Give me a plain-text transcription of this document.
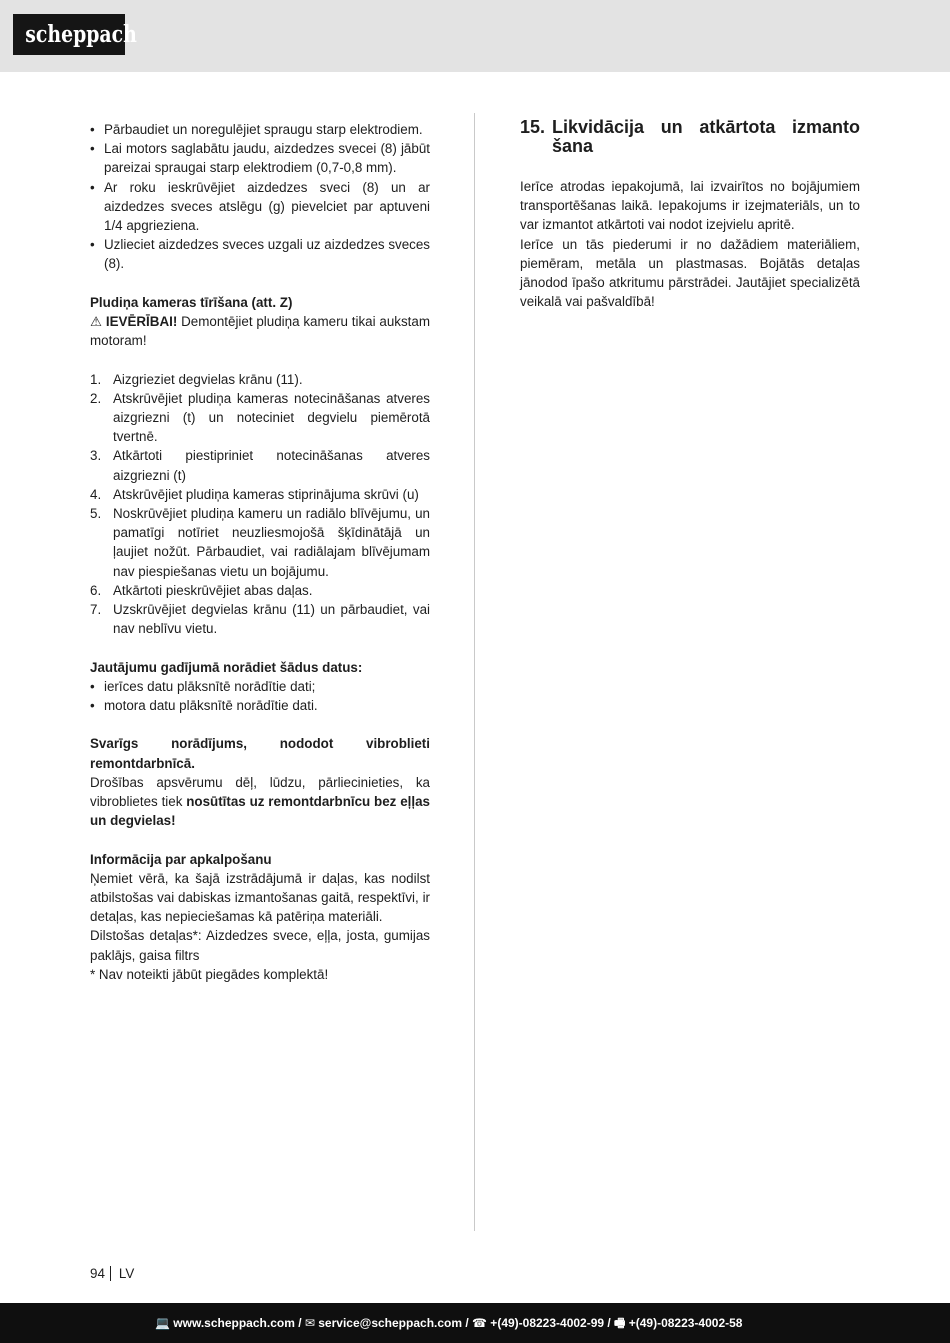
scheppach
• Pārbaudiet un noregulējiet spraugu starp elektrodiem.
• Lai motors saglabātu jaudu, aizdedzes svecei (8) jābūt pareizai spraugai starp elektrodiem (0,7-0,8 mm).
• Ar roku ieskrūvējiet aizdedzes sveci (8) un ar aizdedzes sveces atslēgu (g) pievelciet par aptuveni 1/4 apgrieziena.
• Uzlieciet aizdedzes sveces uzgali uz aizdedzes sveces (8).
Pludiņa kameras tīrīšana (att. Z)
⚠ IEVĒRĪBAI! Demontējiet pludiņa kameru tikai aukstam motoram!
1. Aizgrieziet degvielas krānu (11).
2. Atskrūvējiet pludiņa kameras notecināšanas atveres aizgriezni (t) un noteciniet degvielu piemērotā tvertnē.
3. Atkārtoti piestipriniet notecināšanas atveres aizgriezni (t)
4. Atskrūvējiet pludiņa kameras stiprinājuma skrūvi (u)
5. Noskrūvējiet pludiņa kameru un radiālo blīvējumu, un pamatīgi notīriet neuzliesmojošā šķīdinātājā un ļaujiet nožūt. Pārbaudiet, vai radiālajam blīvējumam nav piespiešanas vietu un bojājumu.
6. Atkārtoti pieskrūvējiet abas daļas.
7. Uzskrūvējiet degvielas krānu (11) un pārbaudiet, vai nav neblīvu vietu.
Jautājumu gadījumā norādiet šādus datus:
• ierīces datu plāksnītē norādītie dati;
• motora datu plāksnītē norādītie dati.
Svarīgs norādījums, nododot vibroblieti remontdarbnīcā.
Drošības apsvērumu dēļ, lūdzu, pārliecinieties, ka vibroblietes tiek nosūtītas uz remontdarbnīcu bez eļļas un degvielas!
Informācija par apkalpošanu
Ņemiet vērā, ka šajā izstrādājumā ir daļas, kas nodilst atbilstošas vai dabiskas izmantošanas gaitā, respektīvi, ir detaļas, kas nepieciešamas kā patēriņa materiāli.
Dilstošas detaļas*: Aizdedzes svece, eļļa, josta, gumijas paklājs, gaisa filtrs
* Nav noteikti jābūt piegādes komplektā!
15. Likvidācija un atkārtota izmanto
šana
Ierīce atrodas iepakojumā, lai izvairītos no bojājumiem transportēšanas laikā. Iepakojums ir izejmateriāls, un to var izmantot atkārtoti vai nodot izejvielu apritē.
Ierīce un tās piederumi ir no dažādiem materiāliem, piemēram, metāla un plastmasas. Bojātās detaļas jānodod īpašo atkritumu pārstrādei. Jautājiet specializētā veikalā vai pašvaldībā!
94 LV
💻 www.scheppach.com / ✉ service@scheppach.com / ☎ +(49)-08223-4002-99 / 🖷 +(49)-08223-4002-58
